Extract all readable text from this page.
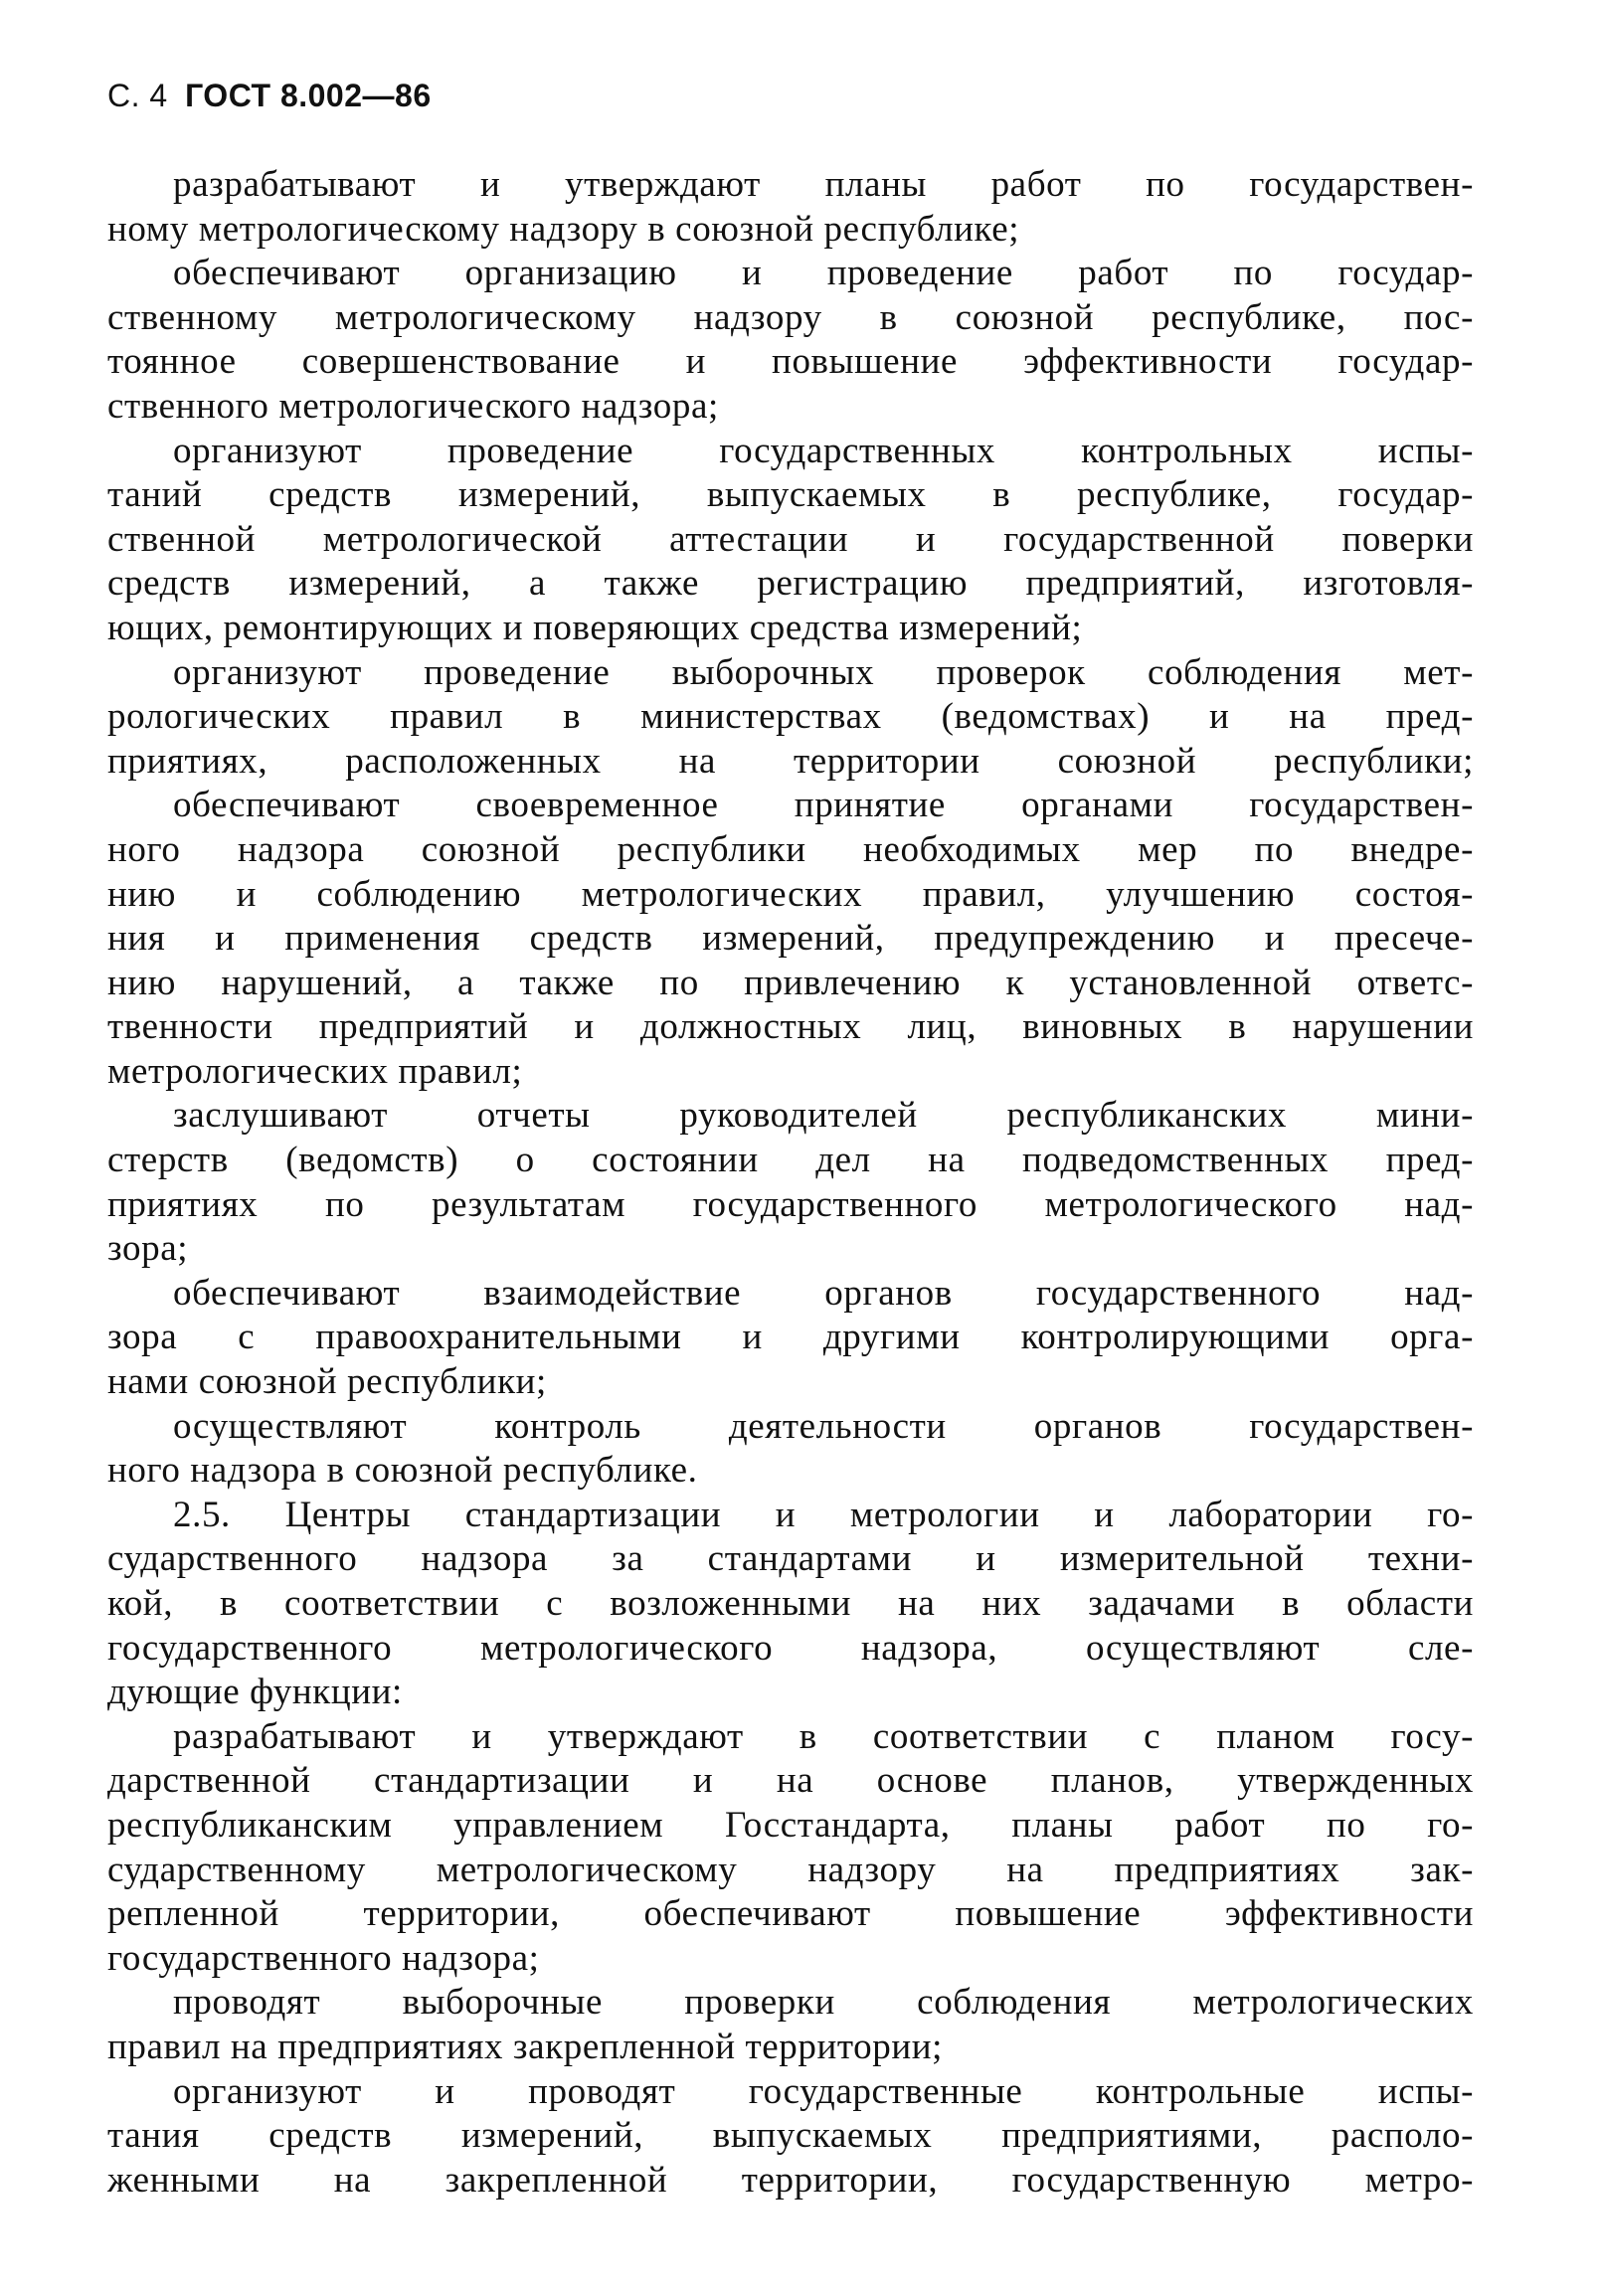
С. 4 ГОСТ 8.002—86
разрабатывают и утверждают планы работ по государствен-
ному метрологическому надзору в союзной республике;
обеспечивают организацию и проведение работ по государ-
ственному метрологическому надзору в союзной республике, пос-
тоянное совершенствование и повышение эффективности государ-
ственного метрологического надзора;
организуют проведение государственных контрольных испы-
таний средств измерений, выпускаемых в республике, государ-
ственной метрологической аттестации и государственной поверки
средств измерений, а также регистрацию предприятий, изготовля-
ющих, ремонтирующих и поверяющих средства измерений;
организуют проведение выборочных проверок соблюдения мет-
рологических правил в министерствах (ведомствах) и на пред-
приятиях, расположенных на территории союзной республики;
обеспечивают своевременное принятие органами государствен-
ного надзора союзной республики необходимых мер по внедре-
нию и соблюдению метрологических правил, улучшению состоя-
ния и применения средств измерений, предупреждению и пресече-
нию нарушений, а также по привлечению к установленной ответс-
твенности предприятий и должностных лиц, виновных в нарушении
метрологических правил;
заслушивают отчеты руководителей республиканских мини-
стерств (ведомств) о состоянии дел на подведомственных пред-
приятиях по результатам государственного метрологического над-
зора;
обеспечивают взаимодействие органов государственного над-
зора с правоохранительными и другими контролирующими орга-
нами союзной республики;
осуществляют контроль деятельности органов государствен-
ного надзора в союзной республике.
2.5. Центры стандартизации и метрологии и лаборатории го-
сударственного надзора за стандартами и измерительной техни-
кой, в соответствии с возложенными на них задачами в области
государственного метрологического надзора, осуществляют сле-
дующие функции:
разрабатывают и утверждают в соответствии с планом госу-
дарственной стандартизации и на основе планов, утвержденных
республиканским управлением Госстандарта, планы работ по го-
сударственному метрологическому надзору на предприятиях зак-
репленной территории, обеспечивают повышение эффективности
государственного надзора;
проводят выборочные проверки соблюдения метрологических
правил на предприятиях закрепленной территории;
организуют и проводят государственные контрольные испы-
тания средств измерений, выпускаемых предприятиями, располо-
женными на закрепленной территории, государственную метро-
